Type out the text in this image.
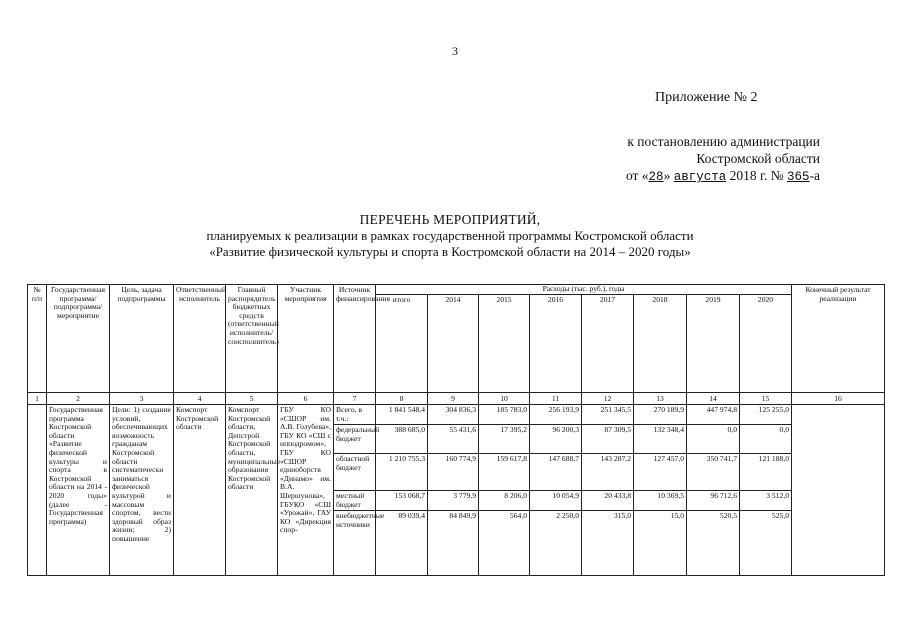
3
Приложение № 2
к постановлению администрации
Костромской области
от «28» августа 2018 г. № 365-а
ПЕРЕЧЕНЬ МЕРОПРИЯТИЙ,
планируемых к реализации в рамках государственной программы Костромской области
«Развитие физической культуры и спорта в Костромской области на 2014 – 2020 годы»
№ п/п	Государственная программа/подпрограмма/мероприятие	Цель, задача подпрограммы	Ответственный исполнитель	Главный распорядитель бюджетных средств (ответственный исполнитель/соисполнитель)	Участник мероприятия	Источник финансирования	Расходы (тыс. руб.), годы								Конечный результат реализации
							итого	2014	2015	2016	2017	2018	2019	2020	
1	2	3	4	5	6	7	8	9	10	11	12	13	14	15	16
	Государственная программа Костромской области «Развитие физической культуры и спорта в Костромской области на 2014 - 2020 годы» (далее - Государственная программа)	Цели: 1) создание условий, обеспечивающих возможность гражданам Костромской области систематически заниматься физической культурой и массовым спортом, вести здоровый образ жизни; 2) повышение	Комспорт Костромской области	Комспорт Костромской области, Депстрой Костромской области, муниципальные образования Костромской области	ГБУ КО «СШОР им. А.В. Голубева», ГБУ КО «СШ с ипподромом», ГБУ КО «СШОР единоборств «Динамо» им. В.А. Шершунова», ГБУКО «СШ «Урожай», ГАУ КО «Дирекция спор-	Всего, в т.ч.:	1 841 548,4	304 836,3	185 783,0	256 193,9	251 345,5	270 189,9	447 974,8	125 255,0	
						федеральный бюджет	388 685,0	55 431,6	17 395,2	96 200,3	87 309,5	132 348,4	0,0	0,0	
						областной бюджет	1 210 755,3	160 774,9	159 617,8	147 688,7	143 287,2	127 457,0	350 741,7	121 188,0	
						местный бюджет	153 068,7	3 779,9	8 206,0	10 054,9	20 433,8	10 369,5	96 712,6	3 512,0	
						внебюджетные источники	89 039,4	84 849,9	564,0	2 250,0	315,0	15,0	520,5	525,0	
